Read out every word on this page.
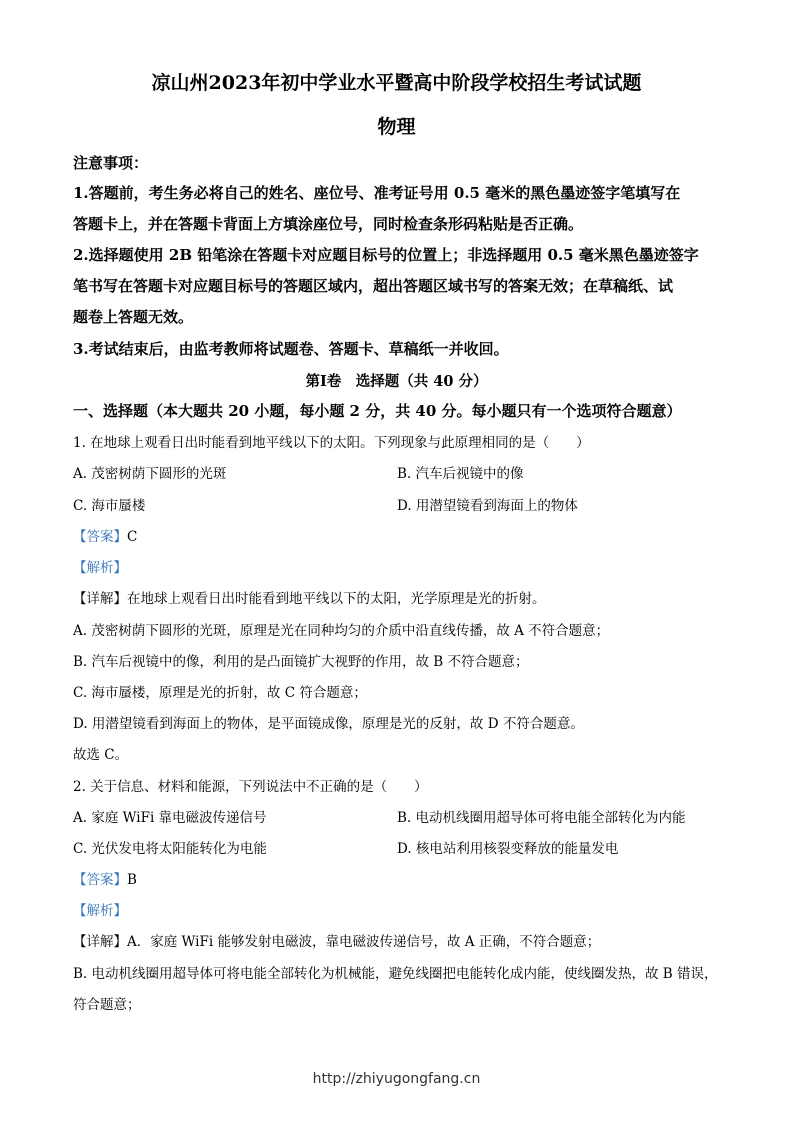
凉山州2023年初中学业水平暨高中阶段学校招生考试试题
物理
注意事项：
1.答题前，考生务必将自己的姓名、座位号、准考证号用 0.5 毫米的黑色墨迹签字笔填写在
答题卡上，并在答题卡背面上方填涂座位号，同时检查条形码粘贴是否正确。
2.选择题使用 2B 铅笔涂在答题卡对应题目标号的位置上；非选择题用 0.5 毫米黑色墨迹签字
笔书写在答题卡对应题目标号的答题区域内，超出答题区域书写的答案无效；在草稿纸、试
题卷上答题无效。
3.考试结束后，由监考教师将试题卷、答题卡、草稿纸一并收回。
第Ⅰ卷　选择题（共 40 分）
一、选择题（本大题共 20 小题，每小题 2 分，共 40 分。每小题只有一个选项符合题意）
1. 在地球上观看日出时能看到地平线以下的太阳。下列现象与此原理相同的是（　　）
A. 茂密树荫下圆形的光斑	B. 汽车后视镜中的像
C. 海市蜃楼	D. 用潜望镜看到海面上的物体
【答案】C
【解析】
【详解】在地球上观看日出时能看到地平线以下的太阳，光学原理是光的折射。
A. 茂密树荫下圆形的光斑，原理是光在同种均匀的介质中沿直线传播，故 A 不符合题意；
B. 汽车后视镜中的像，利用的是凸面镜扩大视野的作用，故 B 不符合题意；
C. 海市蜃楼，原理是光的折射，故 C 符合题意；
D. 用潜望镜看到海面上的物体，是平面镜成像，原理是光的反射，故 D 不符合题意。
故选 C。
2. 关于信息、材料和能源，下列说法中不正确的是（　　）
A. 家庭 WiFi 靠电磁波传递信号	B. 电动机线圈用超导体可将电能全部转化为内能
C. 光伏发电将太阳能转化为电能	D. 核电站利用核裂变释放的能量发电
【答案】B
【解析】
【详解】A．家庭 WiFi 能够发射电磁波，靠电磁波传递信号，故 A 正确，不符合题意；
B. 电动机线圈用超导体可将电能全部转化为机械能，避免线圈把电能转化成内能，使线圈发热，故 B 错误，
符合题意；
http://zhiyugongfang.cn
